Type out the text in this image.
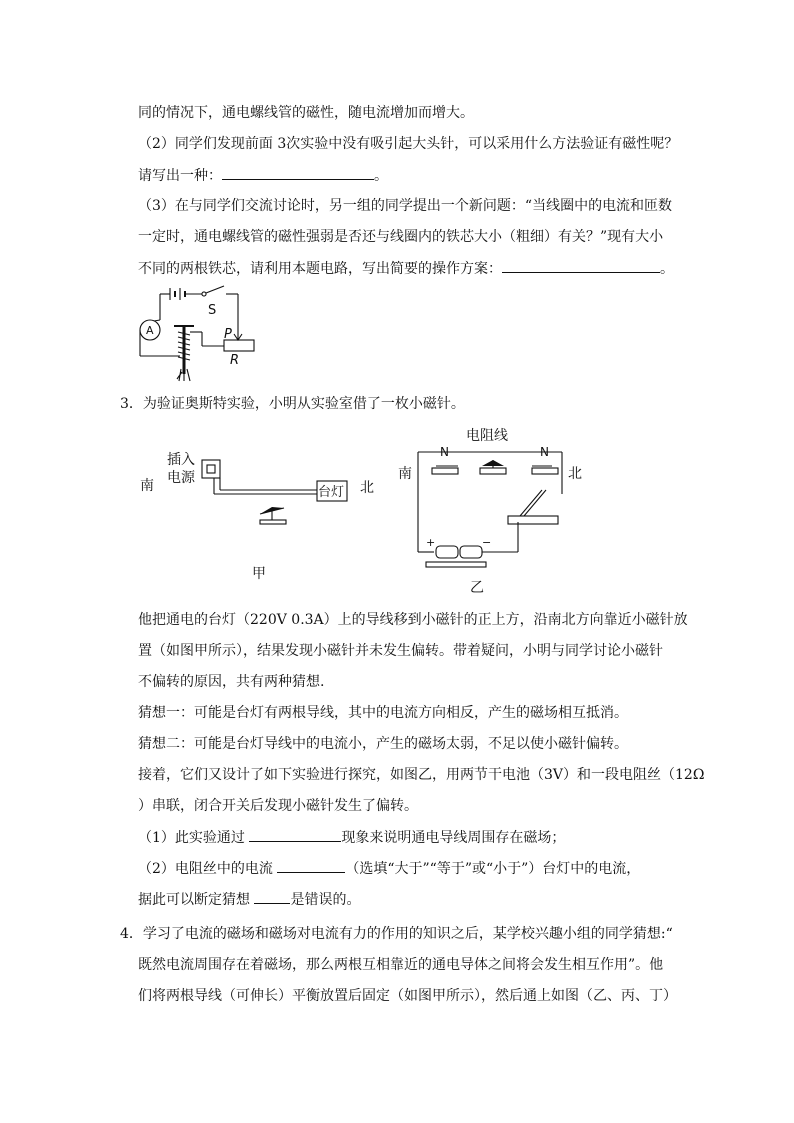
同的情况下，通电螺线管的磁性，随电流增加而增大。
（2）同学们发现前面 3次实验中没有吸引起大头针，可以采用什么方法验证有磁性呢？
请写出一种：	。
（3）在与同学们交流讨论时，另一组的同学提出一个新问题：“当线圈中的电流和匝数
一定时，通电螺线管的磁性强弱是否还与线圈内的铁芯大小（粗细）有关？”现有大小
不同的两根铁芯，请利用本题电路，写出简要的操作方案：	。
A
S
P
R
3．为验证奥斯特实验，小明从实验室借了一枚小磁针。
南
插入
电源
台灯 北
甲
电阻线
南	北
N	N
+	−
乙
他把通电的台灯（220V 0.3A）上的导线移到小磁针的正上方，沿南北方向靠近小磁针放
置（如图甲所示），结果发现小磁针并未发生偏转。带着疑问，小明与同学讨论小磁针
不偏转的原因，共有两种猜想.
猜想一：可能是台灯有两根导线，其中的电流方向相反，产生的磁场相互抵消。
猜想二：可能是台灯导线中的电流小，产生的磁场太弱，不足以使小磁针偏转。
接着，它们又设计了如下实验进行探究，如图乙，用两节干电池（3V）和一段电阻丝（12Ω
）串联，闭合开关后发现小磁针发生了偏转。
（1）此实验通过	现象来说明通电导线周围存在磁场；
（2）电阻丝中的电流	（选填“大于”“等于”或“小于”）台灯中的电流，
据此可以断定猜想	是错误的。
4．学习了电流的磁场和磁场对电流有力的作用的知识之后，某学校兴趣小组的同学猜想:“
既然电流周围存在着磁场，那么两根互相靠近的通电导体之间将会发生相互作用”。他
们将两根导线（可伸长）平衡放置后固定（如图甲所示），然后通上如图（乙、丙、丁）
